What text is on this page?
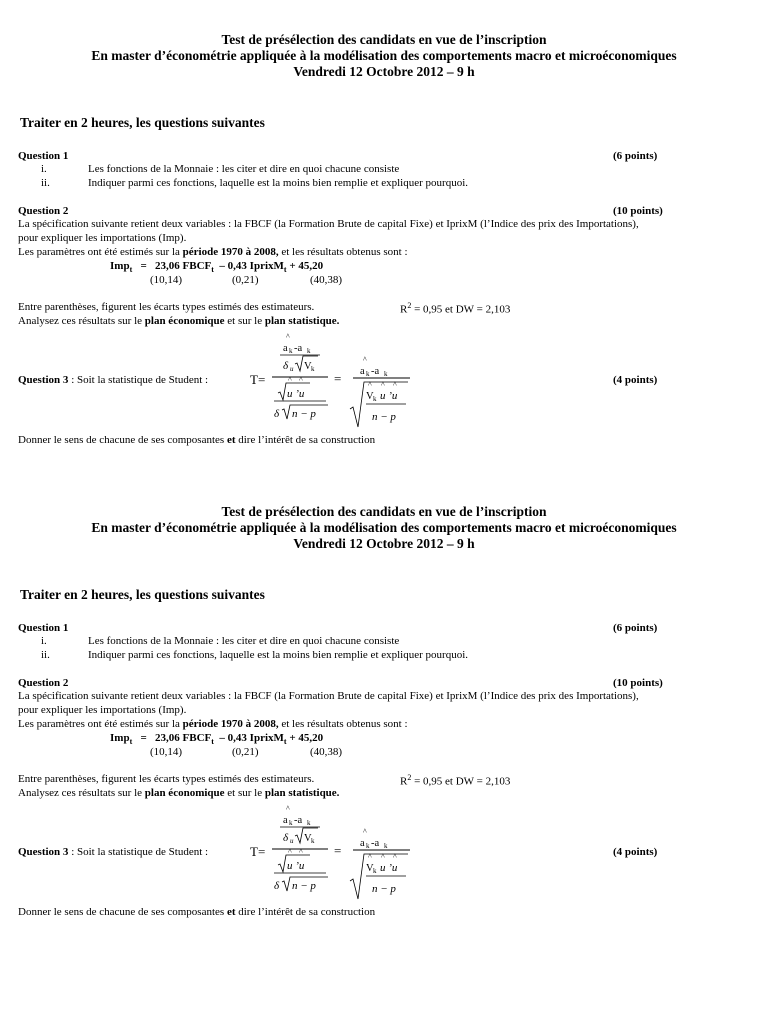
Test de présélection des candidats en vue de l’inscription
En master d’économétrie appliquée à la modélisation des comportements macro et microéconomiques
Vendredi 12 Octobre 2012 – 9 h
Traiter en 2 heures, les questions suivantes
Question 1	(6 points)
i.	Les fonctions de la Monnaie : les citer et dire en quoi chacune consiste
ii.	Indiquer parmi ces fonctions, laquelle est la moins bien remplie et expliquer pourquoi.
Question 2	(10 points)
La spécification suivante retient deux variables : la FBCF (la Formation Brute de capital Fixe) et IprixM (l’Indice des prix des Importations),
pour expliquer les importations (Imp).
Les paramètres ont été estimés sur la période 1970 à 2008, et les résultats obtenus sont :
Imp$_t$ = 23,06 $FBCF_t - 0,43$ IprixM$_t$ + 45,20
(10,14)	(0,21)	(40,38)
Entre parenthèses, figurent les écarts types estimés des estimateurs.	$R^2 = 0,95$ et DW = 2,103
Analysez ces résultats sur le plan économique et sur le plan statistique.
Question 3 : Soit la statistique de Student :	(4 points)
T=
^
a k -a k
δ u V k
^ ^
u ’u
δ n − p
=
^
a k -a k
^ ^ ^
V k u ’u
n − p
Donner le sens de chacune de ses composantes et dire l’intérêt de sa construction
Test de présélection des candidats en vue de l’inscription
En master d’économétrie appliquée à la modélisation des comportements macro et microéconomiques
Vendredi 12 Octobre 2012 – 9 h
Traiter en 2 heures, les questions suivantes
Question 1	(6 points)
i.	Les fonctions de la Monnaie : les citer et dire en quoi chacune consiste
ii.	Indiquer parmi ces fonctions, laquelle est la moins bien remplie et expliquer pourquoi.
Question 2	(10 points)
La spécification suivante retient deux variables : la FBCF (la Formation Brute de capital Fixe) et IprixM (l’Indice des prix des Importations),
pour expliquer les importations (Imp).
Les paramètres ont été estimés sur la période 1970 à 2008, et les résultats obtenus sont :
Imp$_t$ = 23,06 $FBCF_t - 0,43$ IprixM$_t$ + 45,20
(10,14)	(0,21)	(40,38)
Entre parenthèses, figurent les écarts types estimés des estimateurs.	$R^2 = 0,95$ et DW = 2,103
Analysez ces résultats sur le plan économique et sur le plan statistique.
Question 3 : Soit la statistique de Student :	(4 points)
T=
^
a k -a k
δ u V k
^ ^
u ’u
δ n − p
=
^
a k -a k
^ ^ ^
V k u ’u
n − p
Donner le sens de chacune de ses composantes et dire l’intérêt de sa construction
